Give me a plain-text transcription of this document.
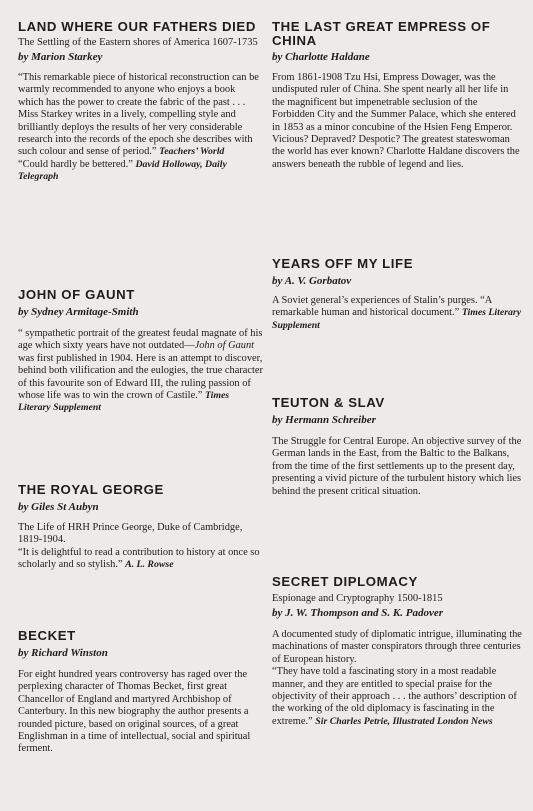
LAND WHERE OUR FATHERS DIED

The Settling of the Eastern shores of America 1607-1735

by Marion Starkey

“This remarkable piece of historical reconstruction can be warmly recommended to anyone who enjoys a book which has the power to create the fabric of the past . . . Miss Starkey writes in a lively, compelling style and brilliantly deploys the results of her very considerable research into the records of the epoch she describes with such colour and sense of period.” Teachers’ World

“Could hardly be bettered.” David Holloway, Daily Telegraph

JOHN OF GAUNT

by Sydney Armitage-Smith

“ sympathetic portrait of the greatest feudal magnate of his age which sixty years have not outdated—John of Gaunt was first published in 1904. Here is an attempt to discover, behind both vilification and the eulogies, the true character of this favourite son of Edward III, the ruling passion of whose life was to win the crown of Castile.” Times Literary Supplement

THE ROYAL GEORGE

by Giles St Aubyn

The Life of HRH Prince George, Duke of Cambridge, 1819-1904.

“It is delightful to read a contribution to history at once so scholarly and so stylish.” A. L. Rowse

BECKET

by Richard Winston

For eight hundred years controversy has raged over the perplexing character of Thomas Becket, first great Chancellor of England and martyred Archbishop of Canterbury. In this new biography the author presents a rounded picture, based on original sources, of a great Englishman in a time of intellectual, social and spiritual ferment.

THE LAST GREAT EMPRESS OF CHINA

by Charlotte Haldane

From 1861-1908 Tzu Hsi, Empress Dowager, was the undisputed ruler of China. She spent nearly all her life in the magnificent but impenetrable seclusion of the Forbidden City and the Summer Palace, which she entered in 1853 as a minor concubine of the Hsien Feng Emperor. Vicious? Depraved? Despotic? The greatest stateswoman the world has ever known? Charlotte Haldane discovers the answers beneath the rubble of legend and lies.

YEARS OFF MY LIFE

by A. V. Gorbatov

A Soviet general’s experiences of Stalin’s purges. “A remarkable human and historical document.” Times Literary Supplement

TEUTON & SLAV

by Hermann Schreiber

The Struggle for Central Europe. An objective survey of the German lands in the East, from the Baltic to the Balkans, from the time of the first settlements up to the present day, presenting a vivid picture of the turbulent history which lies behind the present critical situation.

SECRET DIPLOMACY

Espionage and Cryptography 1500-1815

by J. W. Thompson and S. K. Padover

A documented study of diplomatic intrigue, illuminating the machinations of master conspirators through three centuries of European history.

“They have told a fascinating story in a most readable manner, and they are entitled to special praise for the objectivity of their approach . . . the authors’ description of the working of the old diplomacy is fascinating in the extreme.” Sir Charles Petrie, Illustrated London News
